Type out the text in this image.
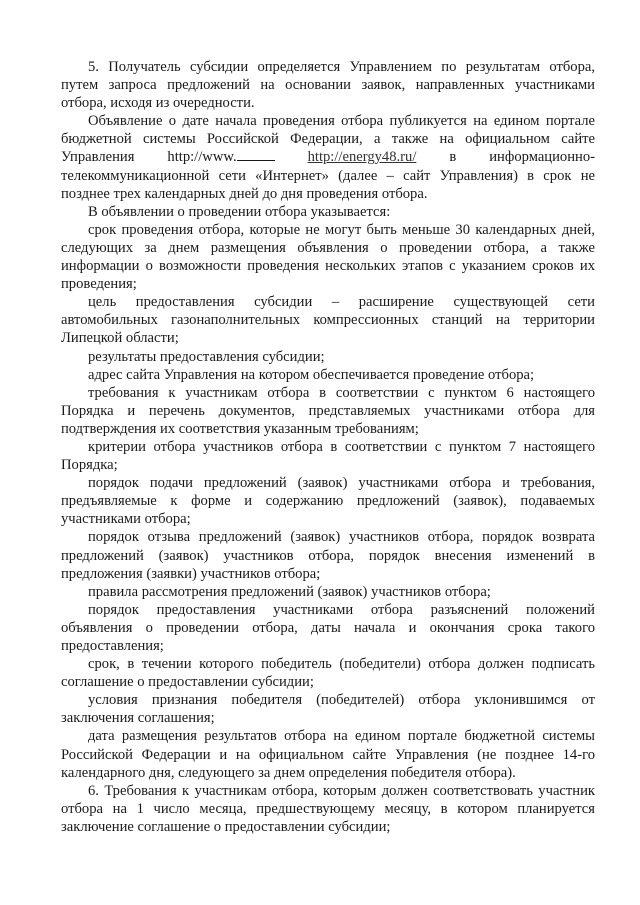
5. Получатель субсидии определяется Управлением по результатам отбора, путем запроса предложений на основании заявок, направленных участниками отбора, исходя из очередности.

Объявление о дате начала проведения отбора публикуется на едином портале бюджетной системы Российской Федерации, а также на официальном сайте Управления http://www.	http://energy48.ru/ в информационно-телекоммуникационной сети «Интернет» (далее – сайт Управления) в срок не позднее трех календарных дней до дня проведения отбора.

В объявлении о проведении отбора указывается:

срок проведения отбора, которые не могут быть меньше 30 календарных дней, следующих за днем размещения объявления о проведении отбора, а также информации о возможности проведения нескольких этапов с указанием сроков их проведения;

цель предоставления субсидии – расширение существующей сети автомобильных газонаполнительных компрессионных станций на территории Липецкой области;

результаты предоставления субсидии;

адрес сайта Управления на котором обеспечивается проведение отбора;

требования к участникам отбора в соответствии с пунктом 6 настоящего Порядка и перечень документов, представляемых участниками отбора для подтверждения их соответствия указанным требованиям;

критерии отбора участников отбора в соответствии с пунктом 7 настоящего Порядка;

порядок подачи предложений (заявок) участниками отбора и требования, предъявляемые к форме и содержанию предложений (заявок), подаваемых участниками отбора;

порядок отзыва предложений (заявок) участников отбора, порядок возврата предложений (заявок) участников отбора, порядок внесения изменений в предложения (заявки) участников отбора;

правила рассмотрения предложений (заявок) участников отбора;

порядок предоставления участниками отбора разъяснений положений объявления о проведении отбора, даты начала и окончания срока такого предоставления;

срок, в течении которого победитель (победители) отбора должен подписать соглашение о предоставлении субсидии;

условия признания победителя (победителей) отбора уклонившимся от заключения соглашения;

дата размещения результатов отбора на едином портале бюджетной системы Российской Федерации и на официальном сайте Управления (не позднее 14-го календарного дня, следующего за днем определения победителя отбора).

6. Требования к участникам отбора, которым должен соответствовать участник отбора на 1 число месяца, предшествующему месяцу, в котором планируется заключение соглашение о предоставлении субсидии;
